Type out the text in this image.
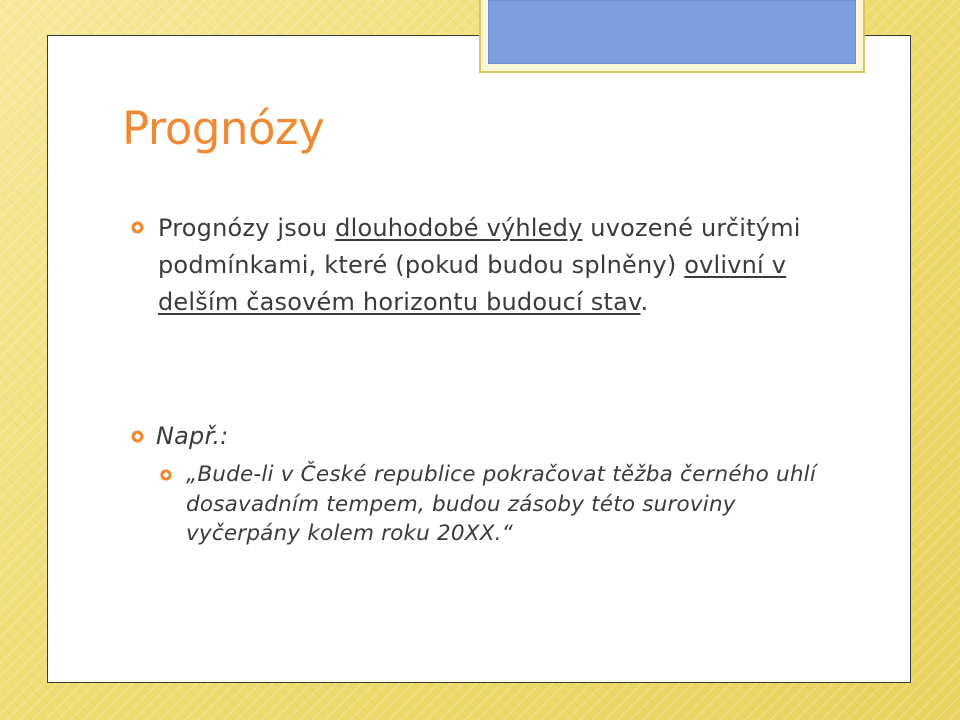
Prognózy

Prognózy jsou dlouhodobé výhledy uvozené určitými podmínkami, které (pokud budou splněny) ovlivní v delším časovém horizontu budoucí stav.

Např.:

„Bude-li v České republice pokračovat těžba černého uhlí dosavadním tempem, budou zásoby této suroviny vyčerpány kolem roku 20XX.“
